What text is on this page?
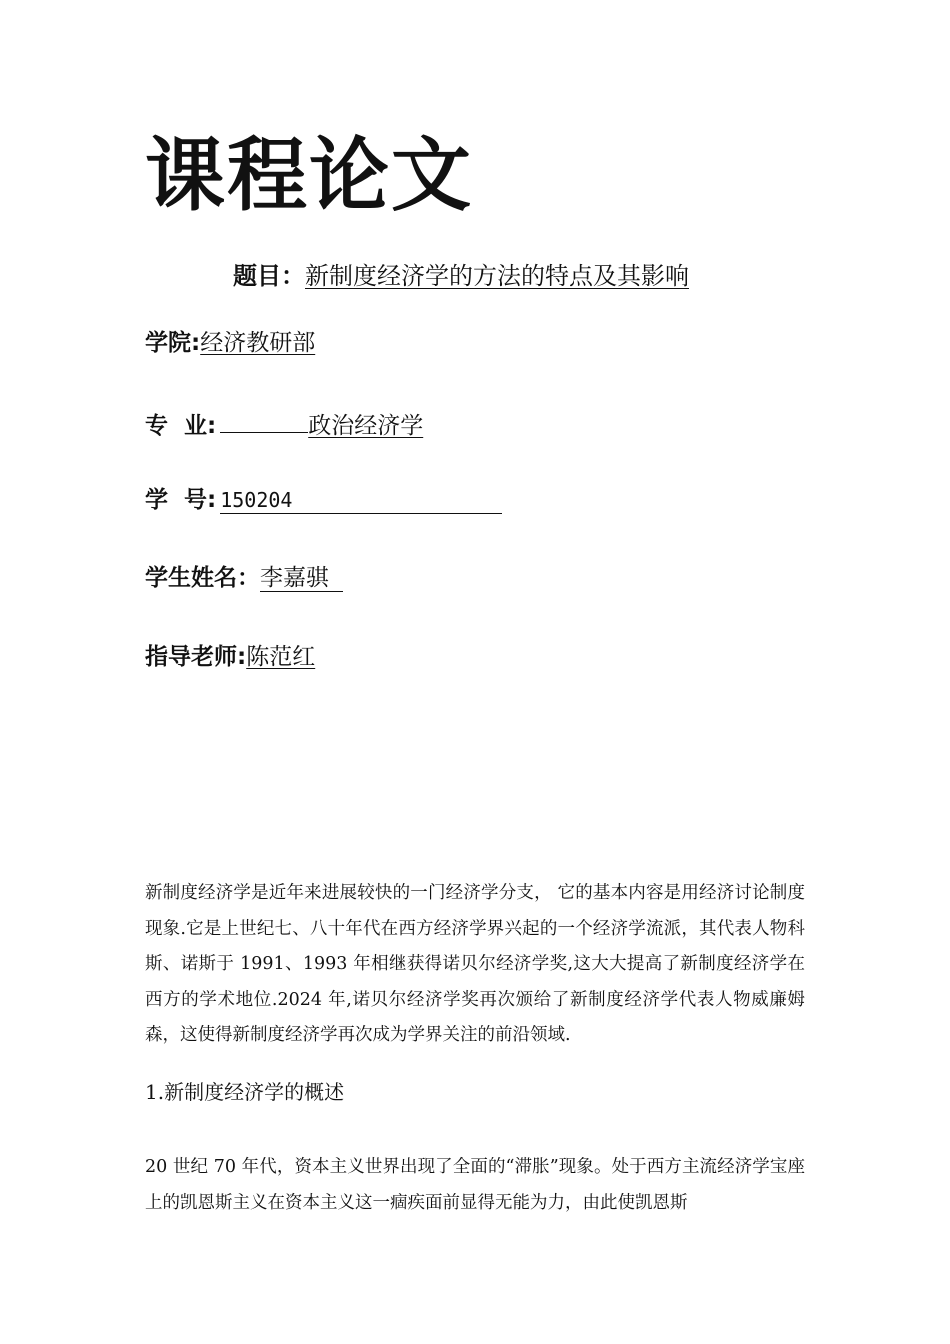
课程论文
题目：新制度经济学的方法的特点及其影响
学院:经济教研部
专  业:	政治经济学
学  号: 150204
学生姓名：李嘉骐
指导老师:陈范红
新制度经济学是近年来进展较快的一门经济学分支， 它的基本内容是用经济讨论制度现象.它是上世纪七、八十年代在西方经济学界兴起的一个经济学流派，其代表人物科斯、诺斯于 1991、1993 年相继获得诺贝尔经济学奖,这大大提高了新制度经济学在西方的学术地位.2024 年,诺贝尔经济学奖再次颁给了新制度经济学代表人物威廉姆森，这使得新制度经济学再次成为学界关注的前沿领域.
1.新制度经济学的概述
20 世纪 70 年代，资本主义世界出现了全面的“滞胀”现象。处于西方主流经济学宝座上的凯恩斯主义在资本主义这一痼疾面前显得无能为力，由此使凯恩斯
